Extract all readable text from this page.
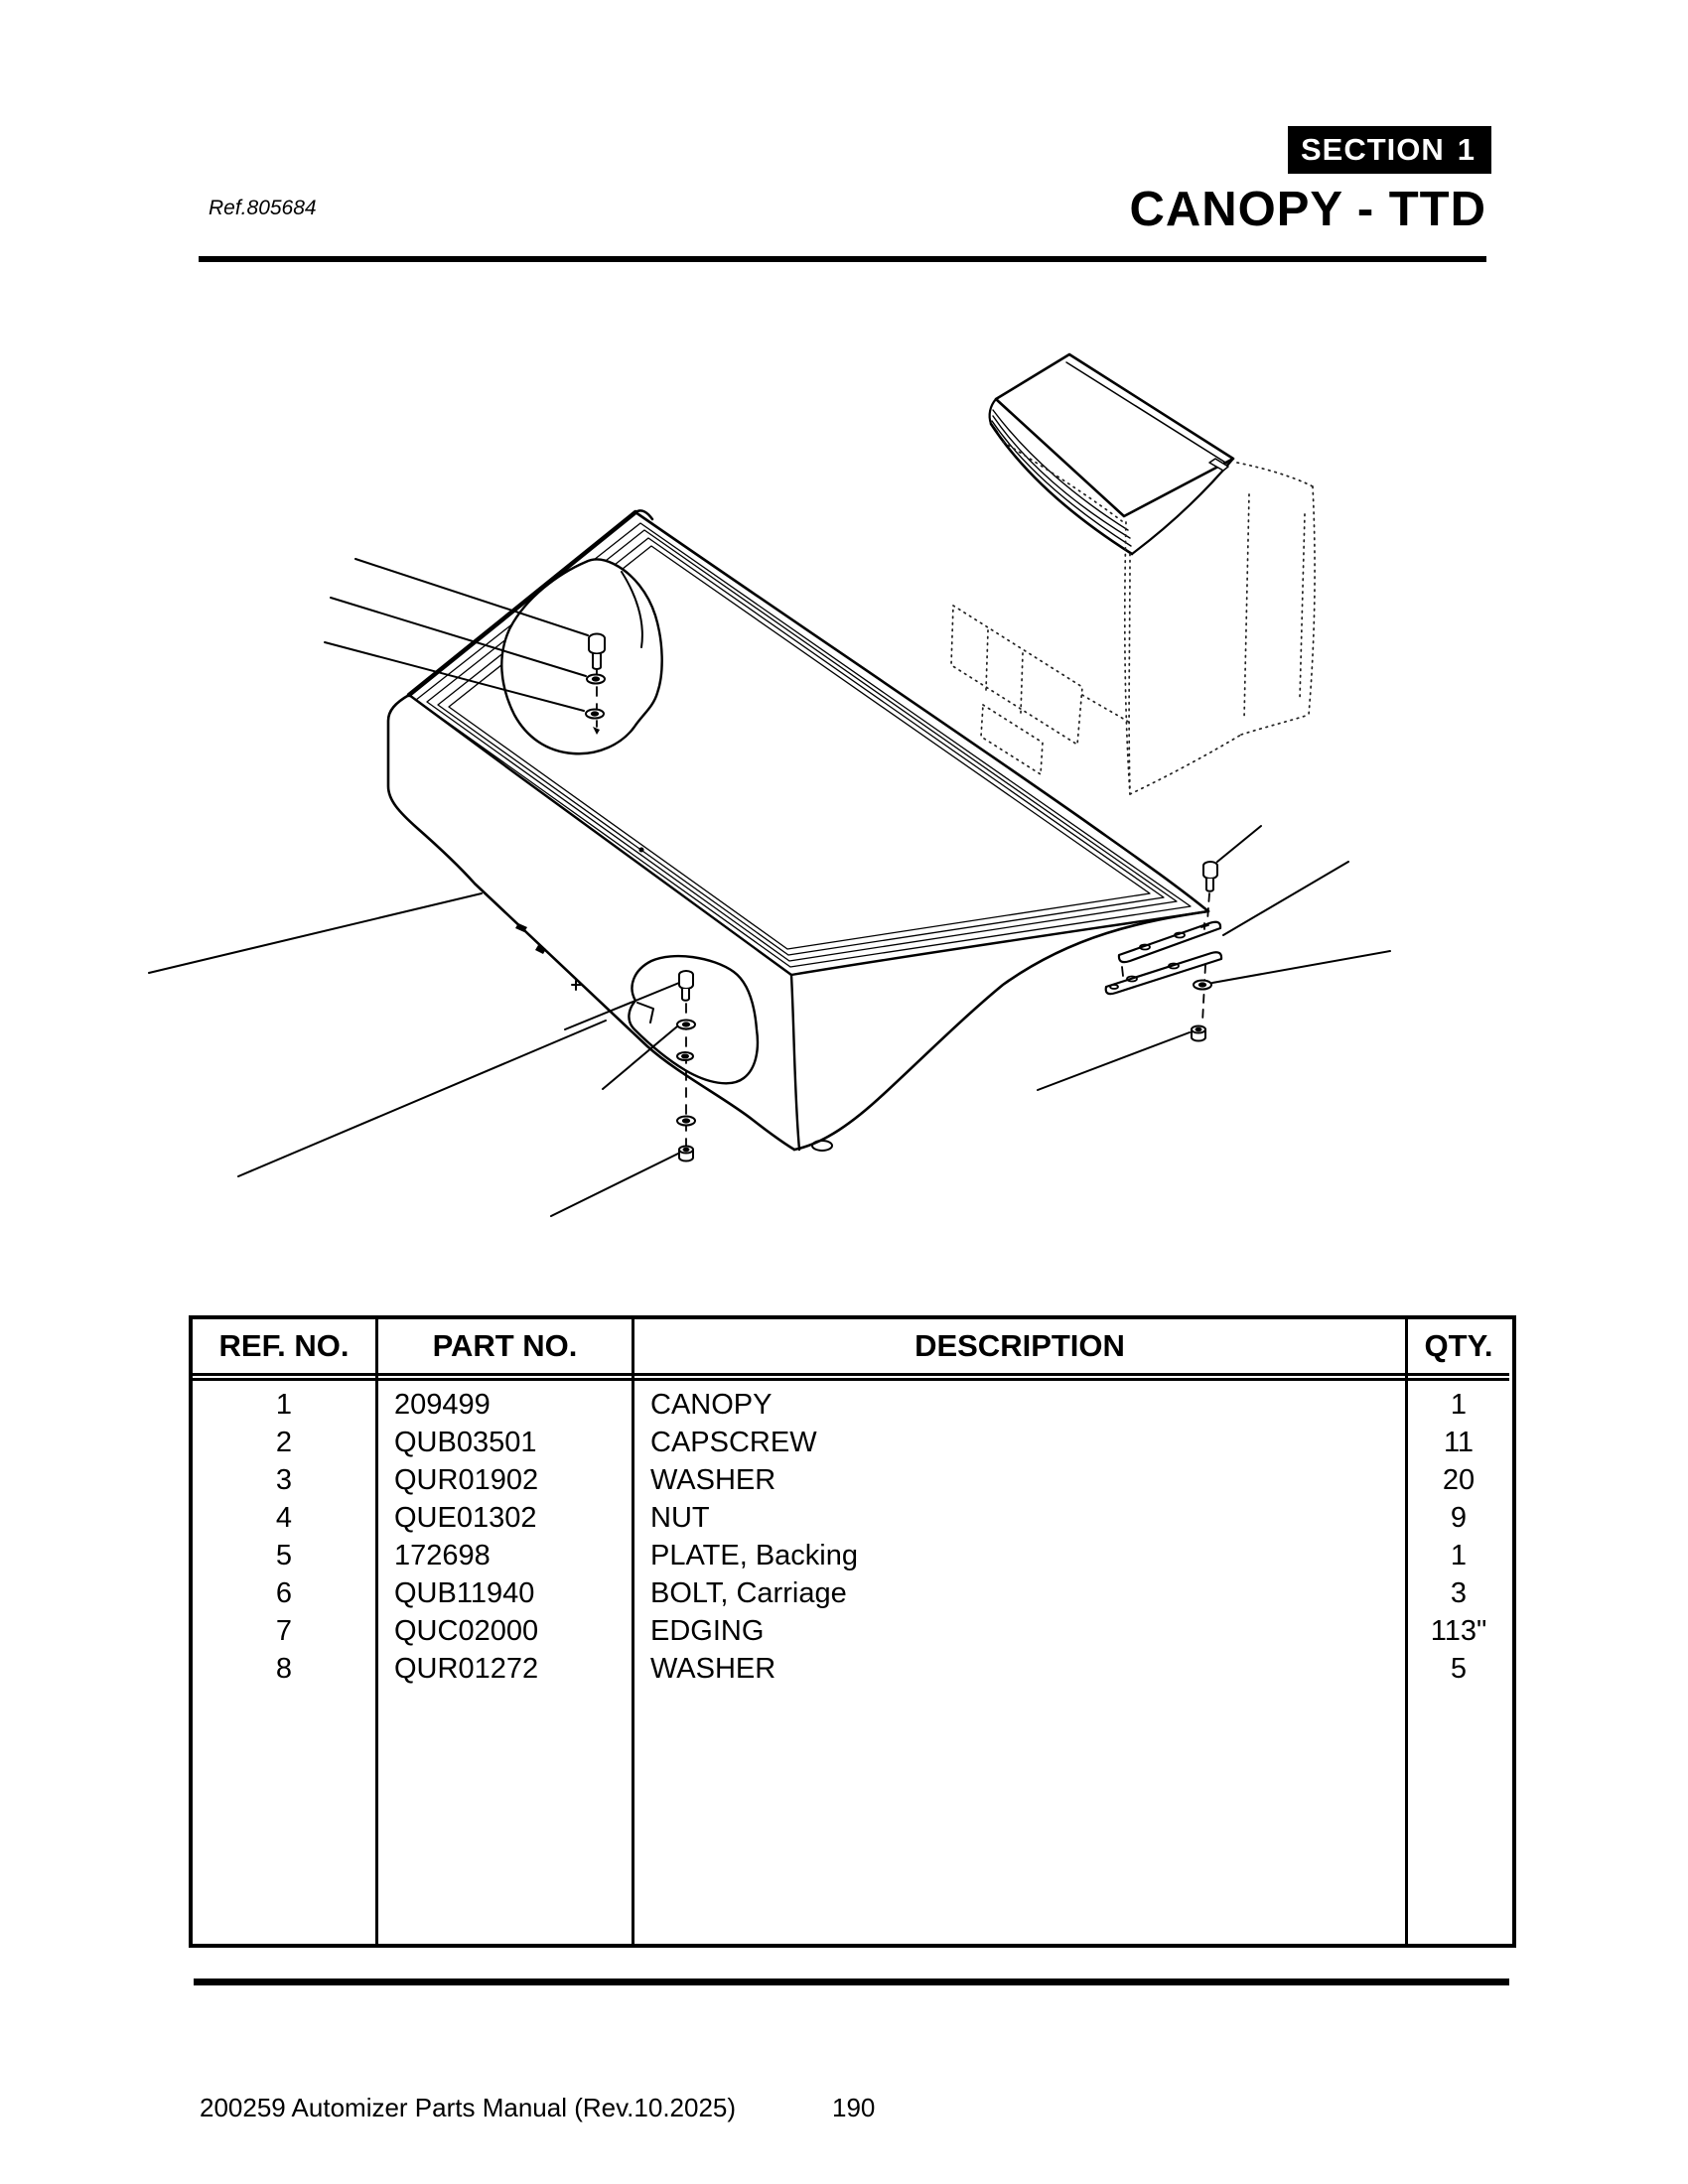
Ref.805684
SECTION 1
CANOPY - TTD
REF. NO.
1
2
3
4
5
6
7
8
PART NO.
209499
QUB03501
QUR01902
QUE01302
172698
QUB11940
QUC02000
QUR01272
DESCRIPTION
CANOPY
CAPSCREW
WASHER
NUT
PLATE, Backing
BOLT, Carriage
EDGING
WASHER
QTY.
1
11
20
9
1
3
113"
5
200259 Automizer Parts Manual (Rev.10.2025)	190
